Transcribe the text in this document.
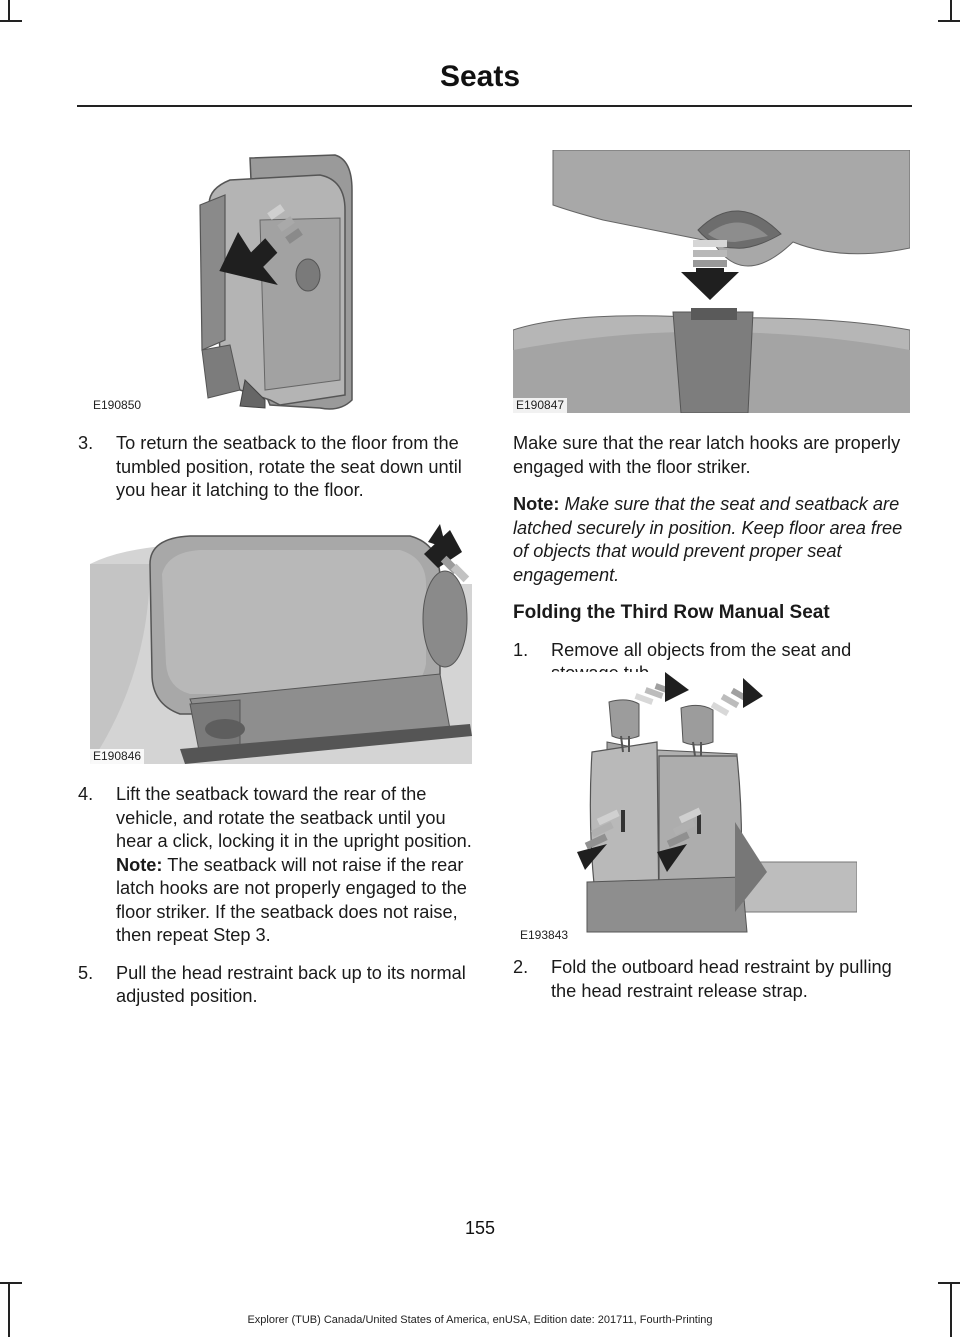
Seats
E190850	E190847
3. To return the seatback to the floor from the tumbled position, rotate the seat down until you hear it latching to the floor.

E190846
4. Lift the seatback toward the rear of the vehicle, and rotate the seatback until you hear a click, locking it in the upright position. Note: The seatback will not raise if the rear latch hooks are not properly engaged to the floor striker. If the seatback does not raise, then repeat Step 3.

5. Pull the head restraint back up to its normal adjusted position.

Make sure that the rear latch hooks are properly engaged with the floor striker.

Note: Make sure that the seat and seatback are latched securely in position. Keep floor area free of objects that would prevent proper seat engagement.

Folding the Third Row Manual Seat

1. Remove all objects from the seat and

E193843
2. Fold the outboard head restraint by pulling the head restraint release strap.

155
Explorer (TUB) Canada/United States of America, enUSA, Edition date: 201711, Fourth-Printing
